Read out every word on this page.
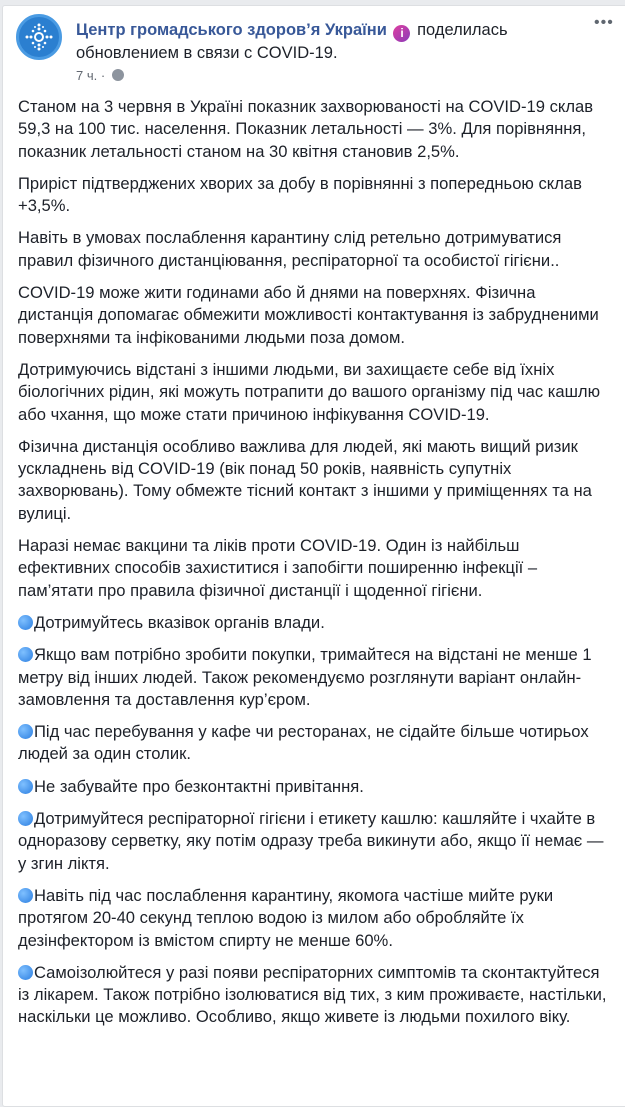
Центр громадського здоров’я України i поделилась обновлением в связи с COVID-19.
7 ч. ·
•••

Станом на 3 червня в Україні показник захворюваності на COVID-19 склав 59,3 на 100 тис. населення. Показник летальності — 3%. Для порівняння, показник летальності станом на 30 квітня становив 2,5%.

Приріст підтверджених хворих за добу в порівнянні з попередньою склав +3,5%.

Навіть в умовах послаблення карантину слід ретельно дотримуватися правил фізичного дистанціювання, респіраторної та особистої гігієни..

COVID-19 може жити годинами або й днями на поверхнях. Фізична дистанція допомагає обмежити можливості контактування із забрудненими поверхнями та інфікованими людьми поза домом.

Дотримуючись відстані з іншими людьми, ви захищаєте себе від їхніх біологічних рідин, які можуть потрапити до вашого організму під час кашлю або чхання, що може стати причиною інфікування COVID-19.

Фізична дистанція особливо важлива для людей, які мають вищий ризик ускладнень від COVID-19 (вік понад 50 років, наявність супутніх захворювань). Тому обмежте тісний контакт з іншими у приміщеннях та на вулиці.

Наразі немає вакцини та ліків проти COVID-19. Один із найбільш ефективних способів захиститися і запобігти поширенню інфекції – пам’ятати про правила фізичної дистанції і щоденної гігієни.

Дотримуйтесь вказівок органів влади.

Якщо вам потрібно зробити покупки, тримайтеся на відстані не менше 1 метру від інших людей. Також рекомендуємо розглянути варіант онлайн-замовлення та доставлення кур’єром.

Під час перебування у кафе чи ресторанах, не сідайте більше чотирьох людей за один столик.

Не забувайте про безконтактні привітання.

Дотримуйтеся респіраторної гігієни і етикету кашлю: кашляйте і чхайте в одноразову серветку, яку потім одразу треба викинути або, якщо її немає — у згин ліктя.

Навіть під час послаблення карантину, якомога частіше мийте руки протягом 20-40 секунд теплою водою із милом або обробляйте їх дезінфектором із вмістом спирту не менше 60%.

Самоізолюйтеся у разі появи респіраторних симптомів та сконтактуйтеся із лікарем. Також потрібно ізолюватися від тих, з ким проживаєте, настільки, наскільки це можливо. Особливо, якщо живете із людьми похилого віку.
